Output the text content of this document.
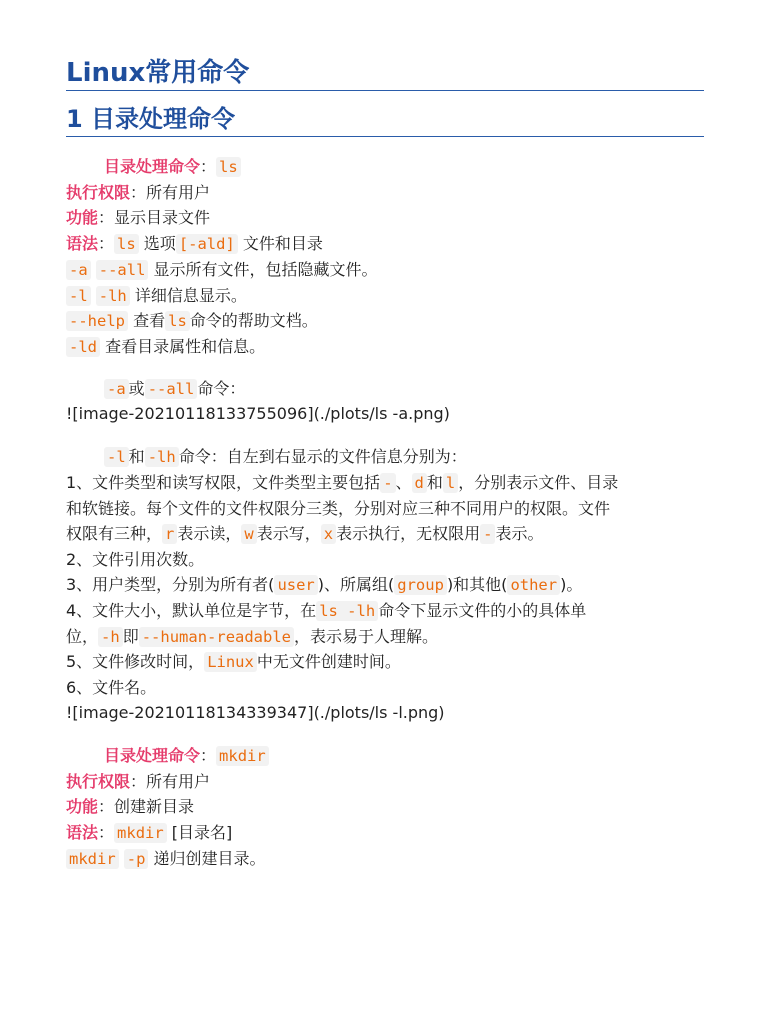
Linux常用命令
1 目录处理命令
目录处理命令： ls
执行权限：所有用户
功能：显示目录文件
语法： ls 选项 [-ald] 文件和目录
-a --all 显示所有文件，包括隐藏文件。
-l -lh 详细信息显示。
--help 查看 ls 命令的帮助文档。
-ld 查看目录属性和信息。
-a 或 --all 命令：
![image-20210118133755096](./plots/ls -a.png)
-l 和 -lh 命令：自左到右显示的文件信息分别为：
1、文件类型和读写权限，文件类型主要包括 - 、 d 和 l ，分别表示文件、目录
和软链接。每个文件的文件权限分三类，分别对应三种不同用户的权限。文件
权限有三种， r 表示读， w 表示写， x 表示执行，无权限用 - 表示。
2、文件引用次数。
3、用户类型，分别为所有者( user )、所属组( group )和其他( other )。
4、文件大小，默认单位是字节，在 ls -lh 命令下显示文件的小的具体单
位， -h 即 --human-readable ，表示易于人理解。
5、文件修改时间， Linux 中无文件创建时间。
6、文件名。
![image-20210118134339347](./plots/ls -l.png)
目录处理命令： mkdir
执行权限：所有用户
功能：创建新目录
语法： mkdir [目录名]
mkdir -p 递归创建目录。
